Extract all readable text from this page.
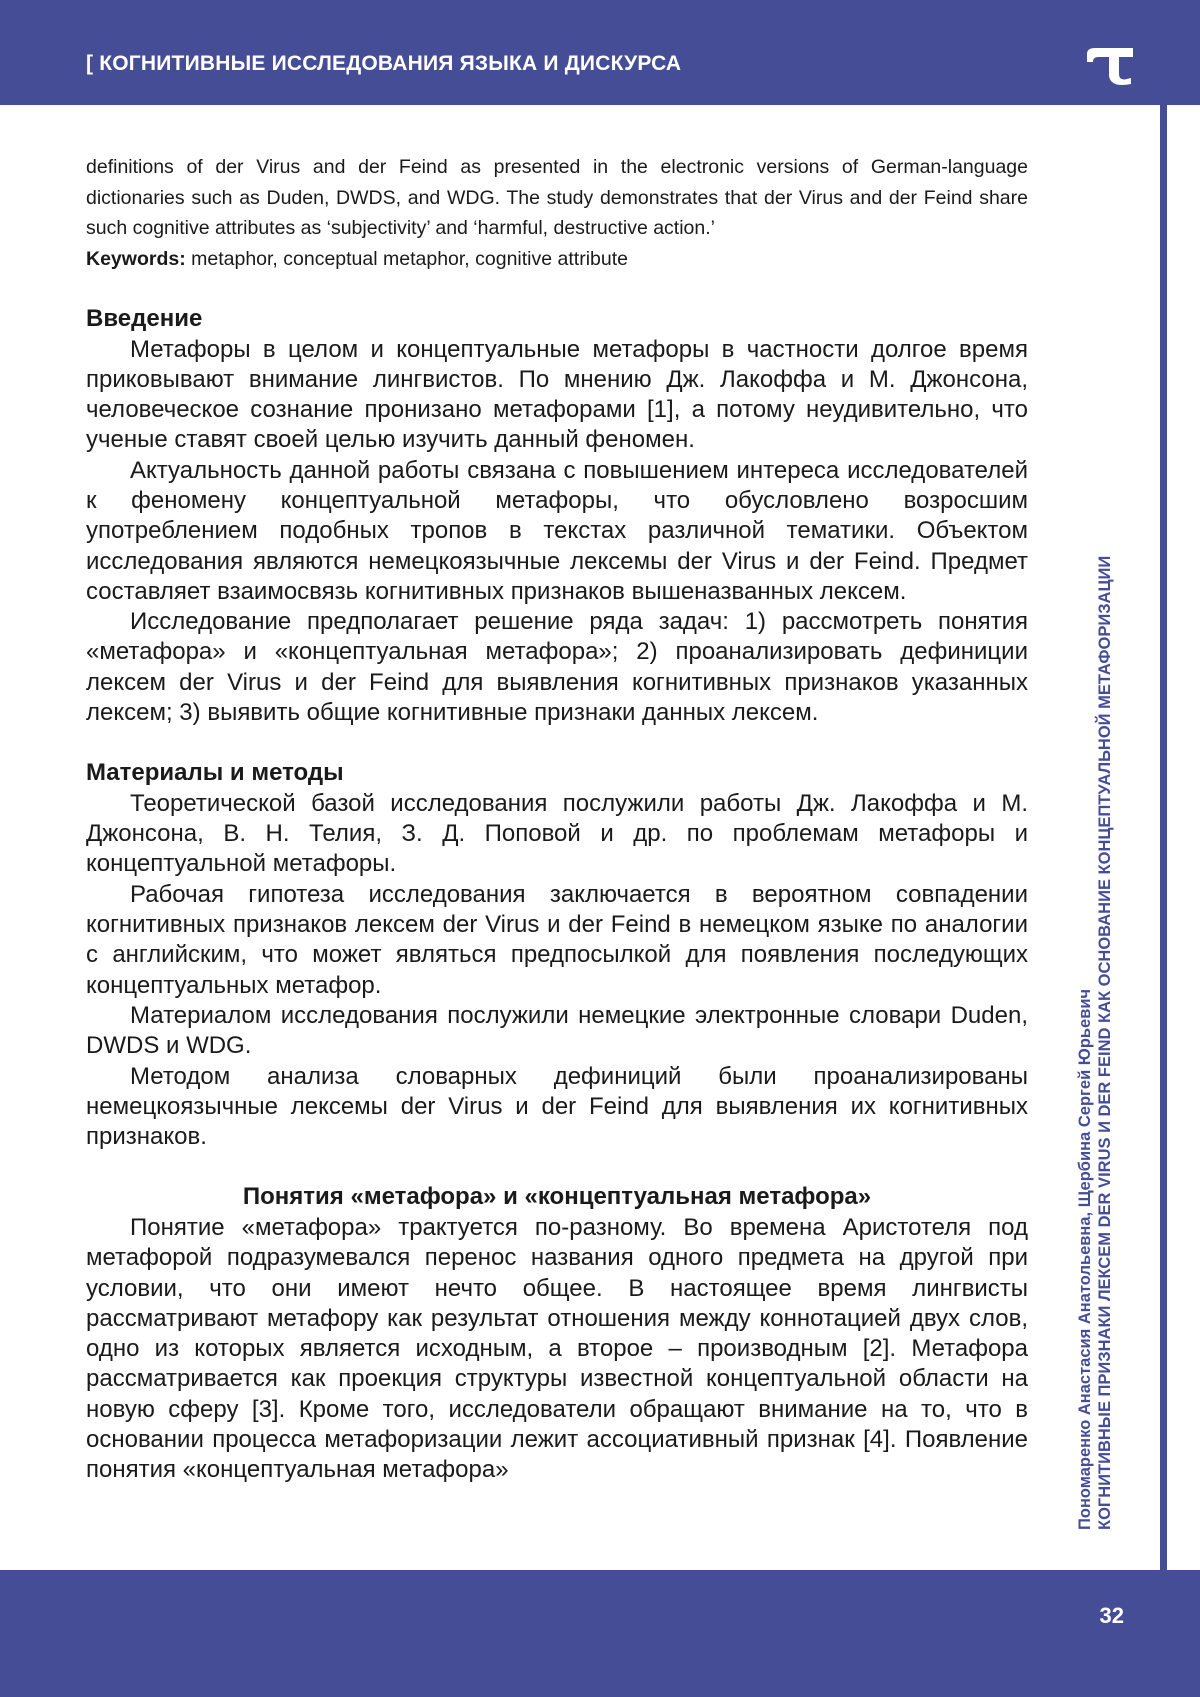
[ КОГНИТИВНЫЕ ИССЛЕДОВАНИЯ ЯЗЫКА И ДИСКУРСА
Пономаренко Анастасия Анатольевна, Щербина Сергей Юрьевич КОГНИТИВНЫЕ ПРИЗНАКИ ЛЕКСЕМ DER VIRUS И DER FEIND КАК ОСНОВАНИЕ КОНЦЕПТУАЛЬНОЙ МЕТАФОРИЗАЦИИ

definitions of der Virus and der Feind as presented in the electronic versions of German-language dictionaries such as Duden, DWDS, and WDG. The study demonstrates that der Virus and der Feind share such cognitive attributes as ‘subjectivity’ and ‘harmful, destructive action.’

Keywords: metaphor, conceptual metaphor, cognitive attribute

Введение

Метафоры в целом и концептуальные метафоры в частности долгое время приковывают внимание лингвистов. По мнению Дж. Лакоффа и М. Джонсона, человеческое сознание пронизано метафорами [1], а потому неудивительно, что ученые ставят своей целью изучить данный феномен.

Актуальность данной работы связана с повышением интереса исследователей к феномену концептуальной метафоры, что обусловлено возросшим употреблением подобных тропов в текстах различной тематики. Объектом исследования являются немецкоязычные лексемы der Virus и der Feind. Предмет составляет взаимосвязь когнитивных признаков вышеназванных лексем.

Исследование предполагает решение ряда задач: 1) рассмотреть понятия «метафора» и «концептуальная метафора»; 2) проанализировать дефиниции лексем der Virus и der Feind для выявления когнитивных признаков указанных лексем; 3) выявить общие когнитивные признаки данных лексем.

Материалы и методы

Теоретической базой исследования послужили работы Дж. Лакоффа и М. Джонсона, В. Н. Телия, З. Д. Поповой и др. по проблемам метафоры и концептуальной метафоры.

Рабочая гипотеза исследования заключается в вероятном совпадении когнитивных признаков лексем der Virus и der Feind в немецком языке по аналогии с английским, что может являться предпосылкой для появления последующих концептуальных метафор.

Материалом исследования послужили немецкие электронные словари Duden, DWDS и WDG.

Методом анализа словарных дефиниций были проанализированы немецкоязычные лексемы der Virus и der Feind для выявления их когнитивных признаков.

Понятия «метафора» и «концептуальная метафора»

Понятие «метафора» трактуется по-разному. Во времена Аристотеля под метафорой подразумевался перенос названия одного предмета на другой при условии, что они имеют нечто общее. В настоящее время лингвисты рассматривают метафору как результат отношения между коннотацией двух слов, одно из которых является исходным, а второе – производным [2]. Метафора рассматривается как проекция структуры известной концептуальной области на новую сферу [3]. Кроме того, исследователи обращают внимание на то, что в основании процесса метафоризации лежит ассоциативный признак [4]. Появление понятия «концептуальная метафора»

32
